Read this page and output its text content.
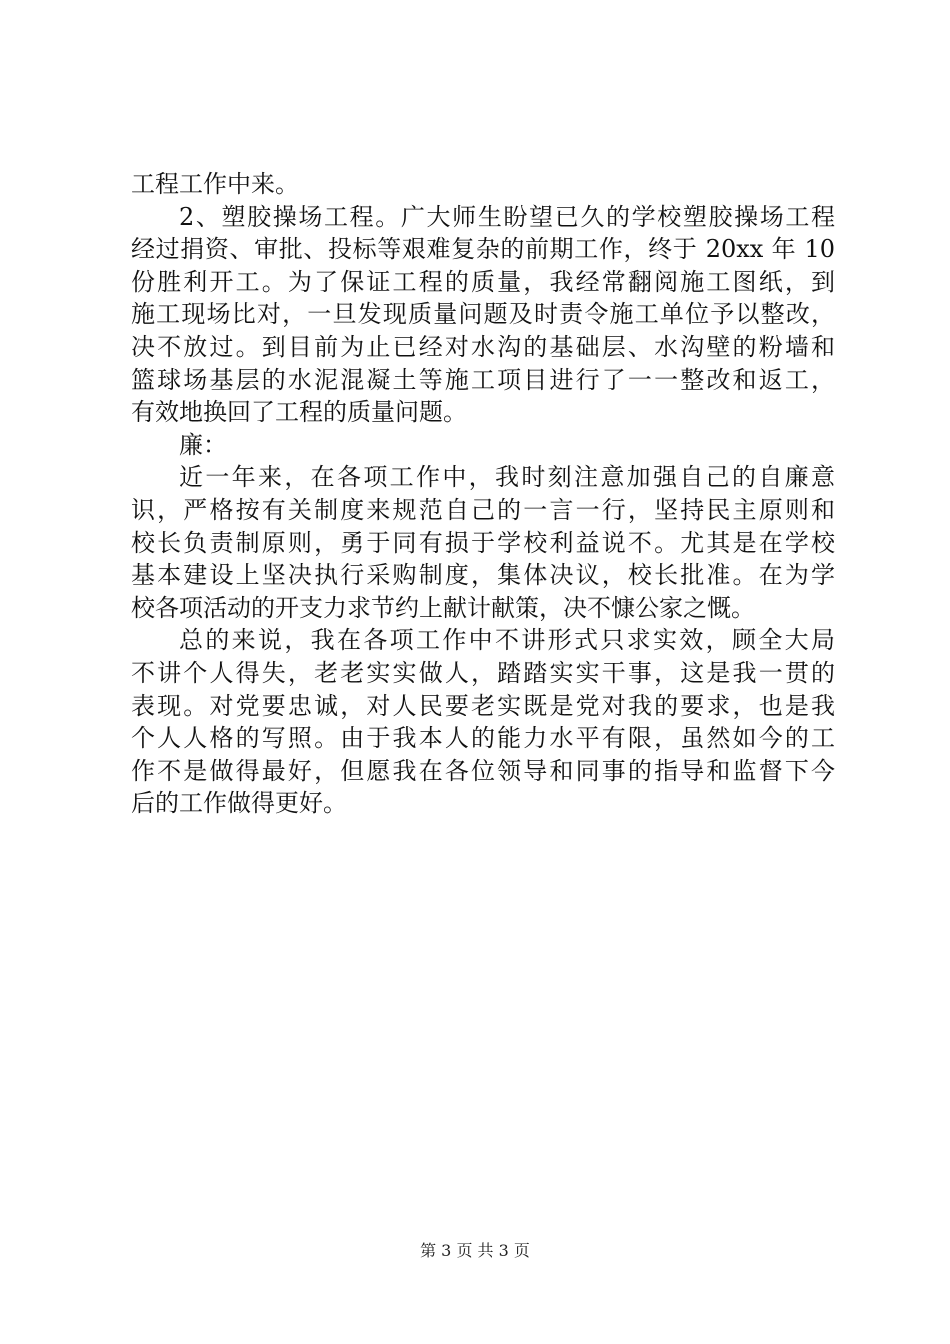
工程工作中来。
2、塑胶操场工程。广大师生盼望已久的学校塑胶操场工程
经过捐资、审批、投标等艰难复杂的前期工作，终于 20xx 年 10
份胜利开工。为了保证工程的质量，我经常翻阅施工图纸，到
施工现场比对，一旦发现质量问题及时责令施工单位予以整改，
决不放过。到目前为止已经对水沟的基础层、水沟壁的粉墙和
篮球场基层的水泥混凝土等施工项目进行了一一整改和返工，
有效地换回了工程的质量问题。
廉：
近一年来，在各项工作中，我时刻注意加强自己的自廉意
识，严格按有关制度来规范自己的一言一行，坚持民主原则和
校长负责制原则，勇于同有损于学校利益说不。尤其是在学校
基本建设上坚决执行采购制度，集体决议，校长批准。在为学
校各项活动的开支力求节约上献计献策，决不慷公家之慨。
总的来说，我在各项工作中不讲形式只求实效，顾全大局
不讲个人得失，老老实实做人，踏踏实实干事，这是我一贯的
表现。对党要忠诚，对人民要老实既是党对我的要求，也是我
个人人格的写照。由于我本人的能力水平有限，虽然如今的工
作不是做得最好，但愿我在各位领导和同事的指导和监督下今
后的工作做得更好。
第 3 页 共 3 页
